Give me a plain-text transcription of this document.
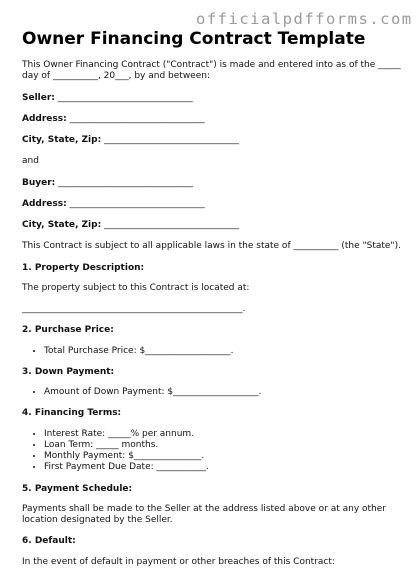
officialpdfforms.com
Owner Financing Contract Template

This Owner Financing Contract ("Contract") is made and entered into as of the _____ day of __________, 20___, by and between:

Seller: ______________________________

Address: ______________________________

City, State, Zip: ______________________________

and

Buyer: ______________________________

Address: ______________________________

City, State, Zip: ______________________________

This Contract is subject to all applicable laws in the state of __________ (the "State").

1. Property Description:

The property subject to this Contract is located at:

_________________________________________________.

2. Purchase Price:
• Total Purchase Price: $___________________.
3. Down Payment:
• Amount of Down Payment: $___________________.
4. Financing Terms:
• Interest Rate: _____% per annum.
• Loan Term: _____ months.
• Monthly Payment: $_______________.
• First Payment Due Date: ___________.
5. Payment Schedule:

Payments shall be made to the Seller at the address listed above or at any other location designated by the Seller.

6. Default:

In the event of default in payment or other breaches of this Contract:
